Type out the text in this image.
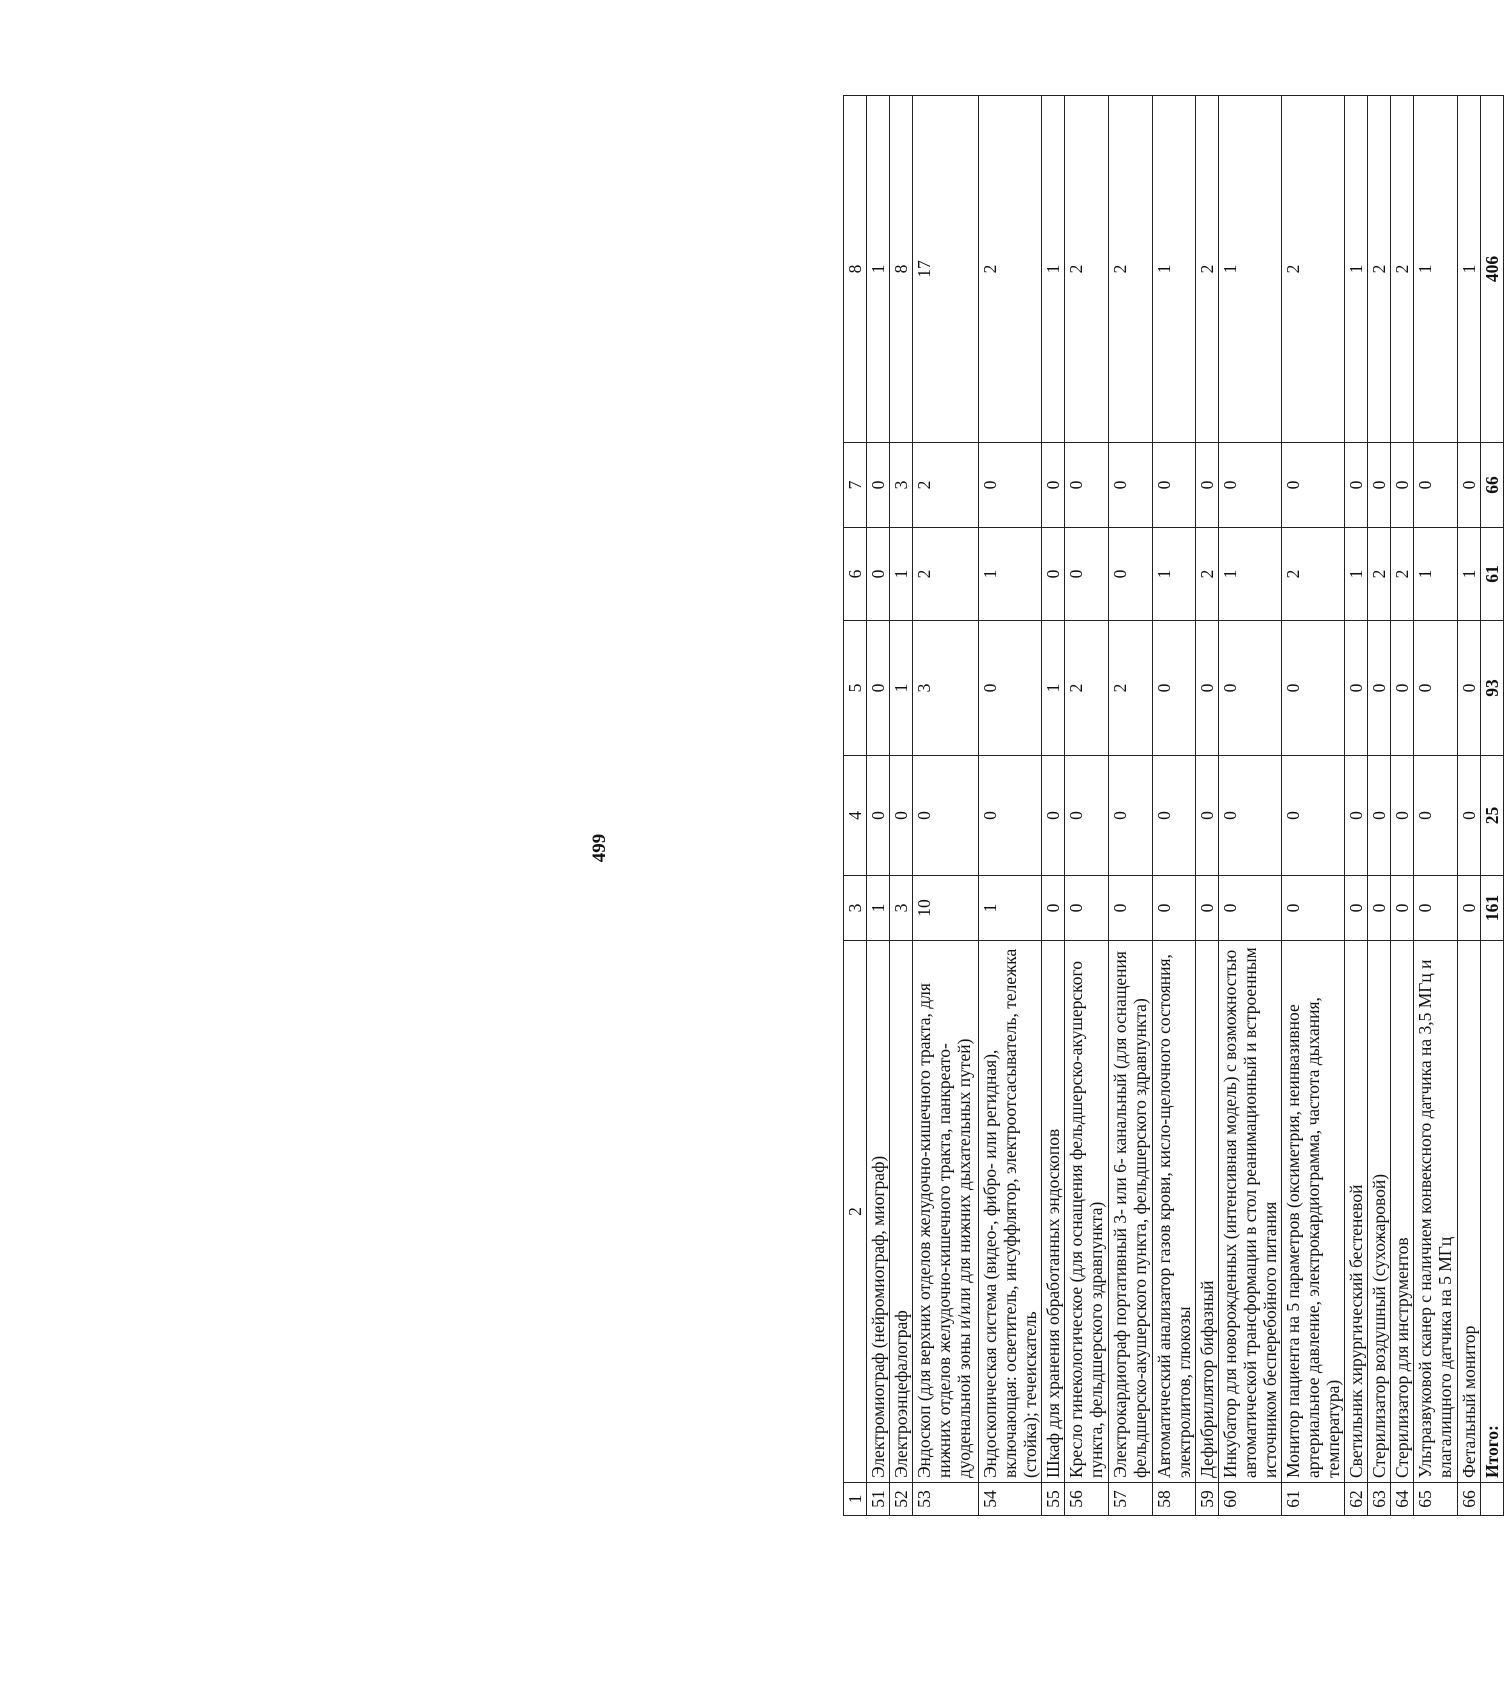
499
1	2	3	4	5	6	7	8
51	Электромиограф (нейромиограф, миограф)	1	0	0	0	0	1
52	Электроэнцефалограф	3	0	1	1	3	8
53	Эндоскоп (для верхних отделов желудочно-кишечного тракта, для нижних отделов желудочно-кишечного тракта, панкреато-дуоденальной зоны и/или для нижних дыхательных путей)	10	0	3	2	2	17
54	Эндоскопическая система (видео-, фибро- или регидная), включающая: осветитель, инсуффлятор, электроотсасыватель, тележка (стойка); течеискатель	1	0	0	1	0	2
55	Шкаф для хранения обработанных эндоскопов	0	0	1	0	0	1
56	Кресло гинекологическое (для оснащения фельдшерско-акушерского пункта, фельдшерского здравпункта)	0	0	2	0	0	2
57	Электрокардиограф портативный 3- или 6- канальный (для оснащения фельдшерско-акушерского пункта, фельдшерского здравпункта)	0	0	2	0	0	2
58	Автоматический анализатор газов крови, кисло-щелочного состояния, электролитов, глюкозы	0	0	0	1	0	1
59	Дефибриллятор бифазный	0	0	0	2	0	2
60	Инкубатор для новорожденных (интенсивная модель) с возможностью автоматической трансформации в стол реанимационный и встроенным источником бесперебойного питания	0	0	0	1	0	1
61	Монитор пациента на 5 параметров (оксиметрия, неинвазивное артериальное давление, электрокардиограмма, частота дыхания, температура)	0	0	0	2	0	2
62	Светильник хирургический бестеневой	0	0	0	1	0	1
63	Стерилизатор воздушный (сухожаровой)	0	0	0	2	0	2
64	Стерилизатор для инструментов	0	0	0	2	0	2
65	Ультразвуковой сканер с наличием конвексного датчика на 3,5 МГц и влагалищного датчика на 5 МГц	0	0	0	1	0	1
66	Фетальный монитор	0	0	0	1	0	1
	Итого:	161	25	93	61	66	406
